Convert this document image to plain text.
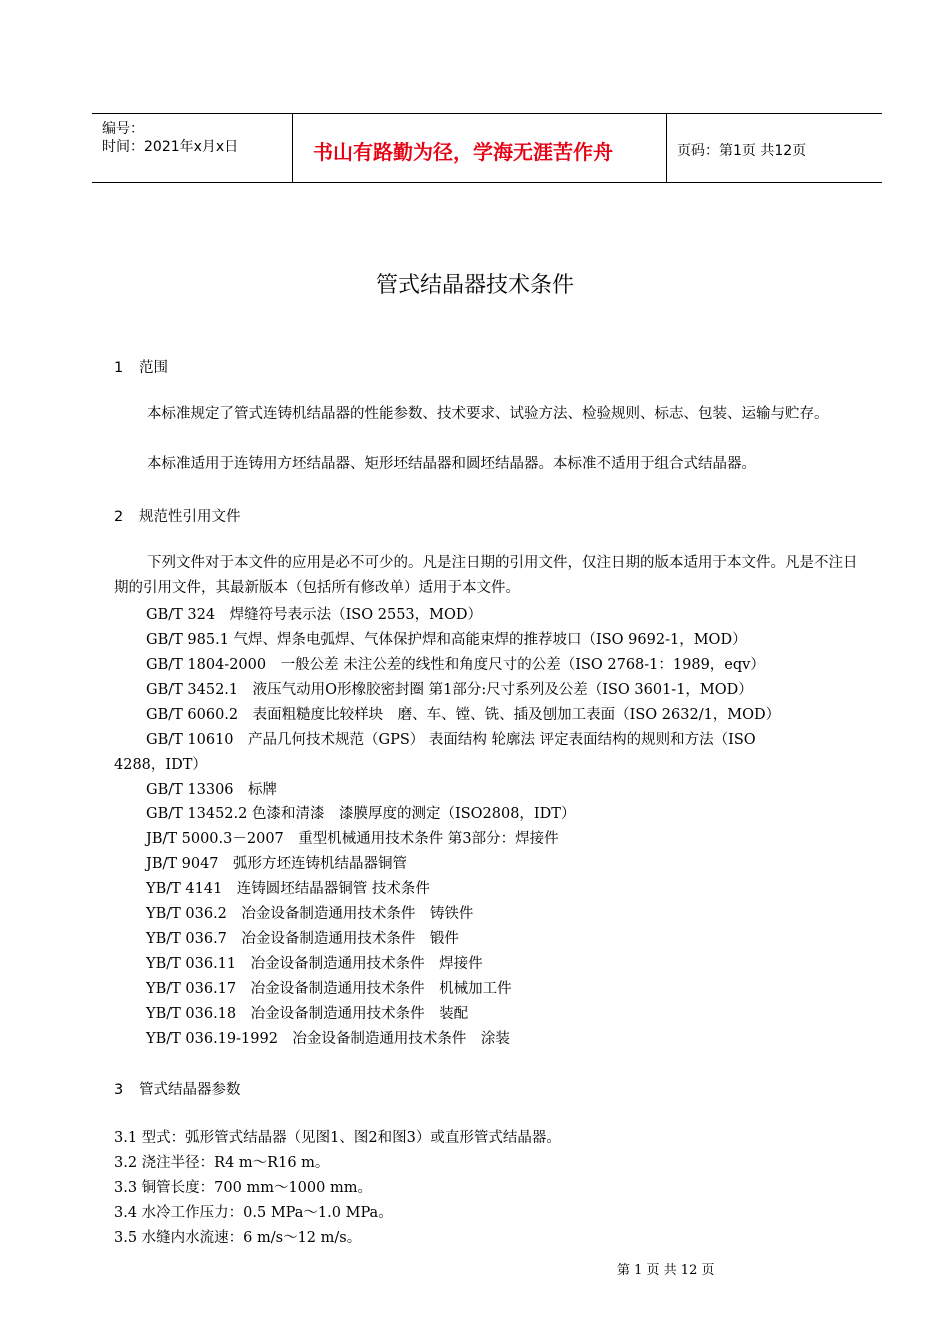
编号：
时间：2021年x月x日	书山有路勤为径，学海无涯苦作舟	页码：第1页 共12页
管式结晶器技术条件
1 范围
本标准规定了管式连铸机结晶器的性能参数、技术要求、试验方法、检验规则、标志、包装、运输与贮存。
本标准适用于连铸用方坯结晶器、矩形坯结晶器和圆坯结晶器。本标准不适用于组合式结晶器。
2 规范性引用文件
下列文件对于本文件的应用是必不可少的。凡是注日期的引用文件，仅注日期的版本适用于本文件。凡是不注日期的引用文件，其最新版本（包括所有修改单）适用于本文件。
GB/T 324　焊缝符号表示法（ISO 2553，MOD）
GB/T 985.1 气焊、焊条电弧焊、气体保护焊和高能束焊的推荐坡口（ISO 9692-1，MOD）
GB/T 1804-2000　一般公差 未注公差的线性和角度尺寸的公差（ISO 2768-1：1989，eqv）
GB/T 3452.1　液压气动用O形橡胶密封圈 第1部分:尺寸系列及公差（ISO 3601-1，MOD）
GB/T 6060.2　表面粗糙度比较样块　磨、车、镗、铣、插及刨加工表面（ISO 2632/1，MOD）
GB/T 10610　产品几何技术规范（GPS） 表面结构 轮廓法 评定表面结构的规则和方法（ISO
4288，IDT）
GB/T 13306　标牌
GB/T 13452.2 色漆和清漆　漆膜厚度的测定（ISO2808，IDT）
JB/T 5000.3－2007　重型机械通用技术条件 第3部分：焊接件
JB/T 9047　弧形方坯连铸机结晶器铜管
YB/T 4141　连铸圆坯结晶器铜管 技术条件
YB/T 036.2　冶金设备制造通用技术条件　铸铁件
YB/T 036.7　冶金设备制造通用技术条件　锻件
YB/T 036.11　冶金设备制造通用技术条件　焊接件
YB/T 036.17　冶金设备制造通用技术条件　机械加工件
YB/T 036.18　冶金设备制造通用技术条件　装配
YB/T 036.19-1992　冶金设备制造通用技术条件　涂装
3 管式结晶器参数
3.1 型式：弧形管式结晶器（见图1、图2和图3）或直形管式结晶器。
3.2 浇注半径：R4 m～R16 m。
3.3 铜管长度：700 mm～1000 mm。
3.4 水冷工作压力：0.5 MPa～1.0 MPa。
3.5 水缝内水流速：6 m/s～12 m/s。
第 1 页 共 12 页
